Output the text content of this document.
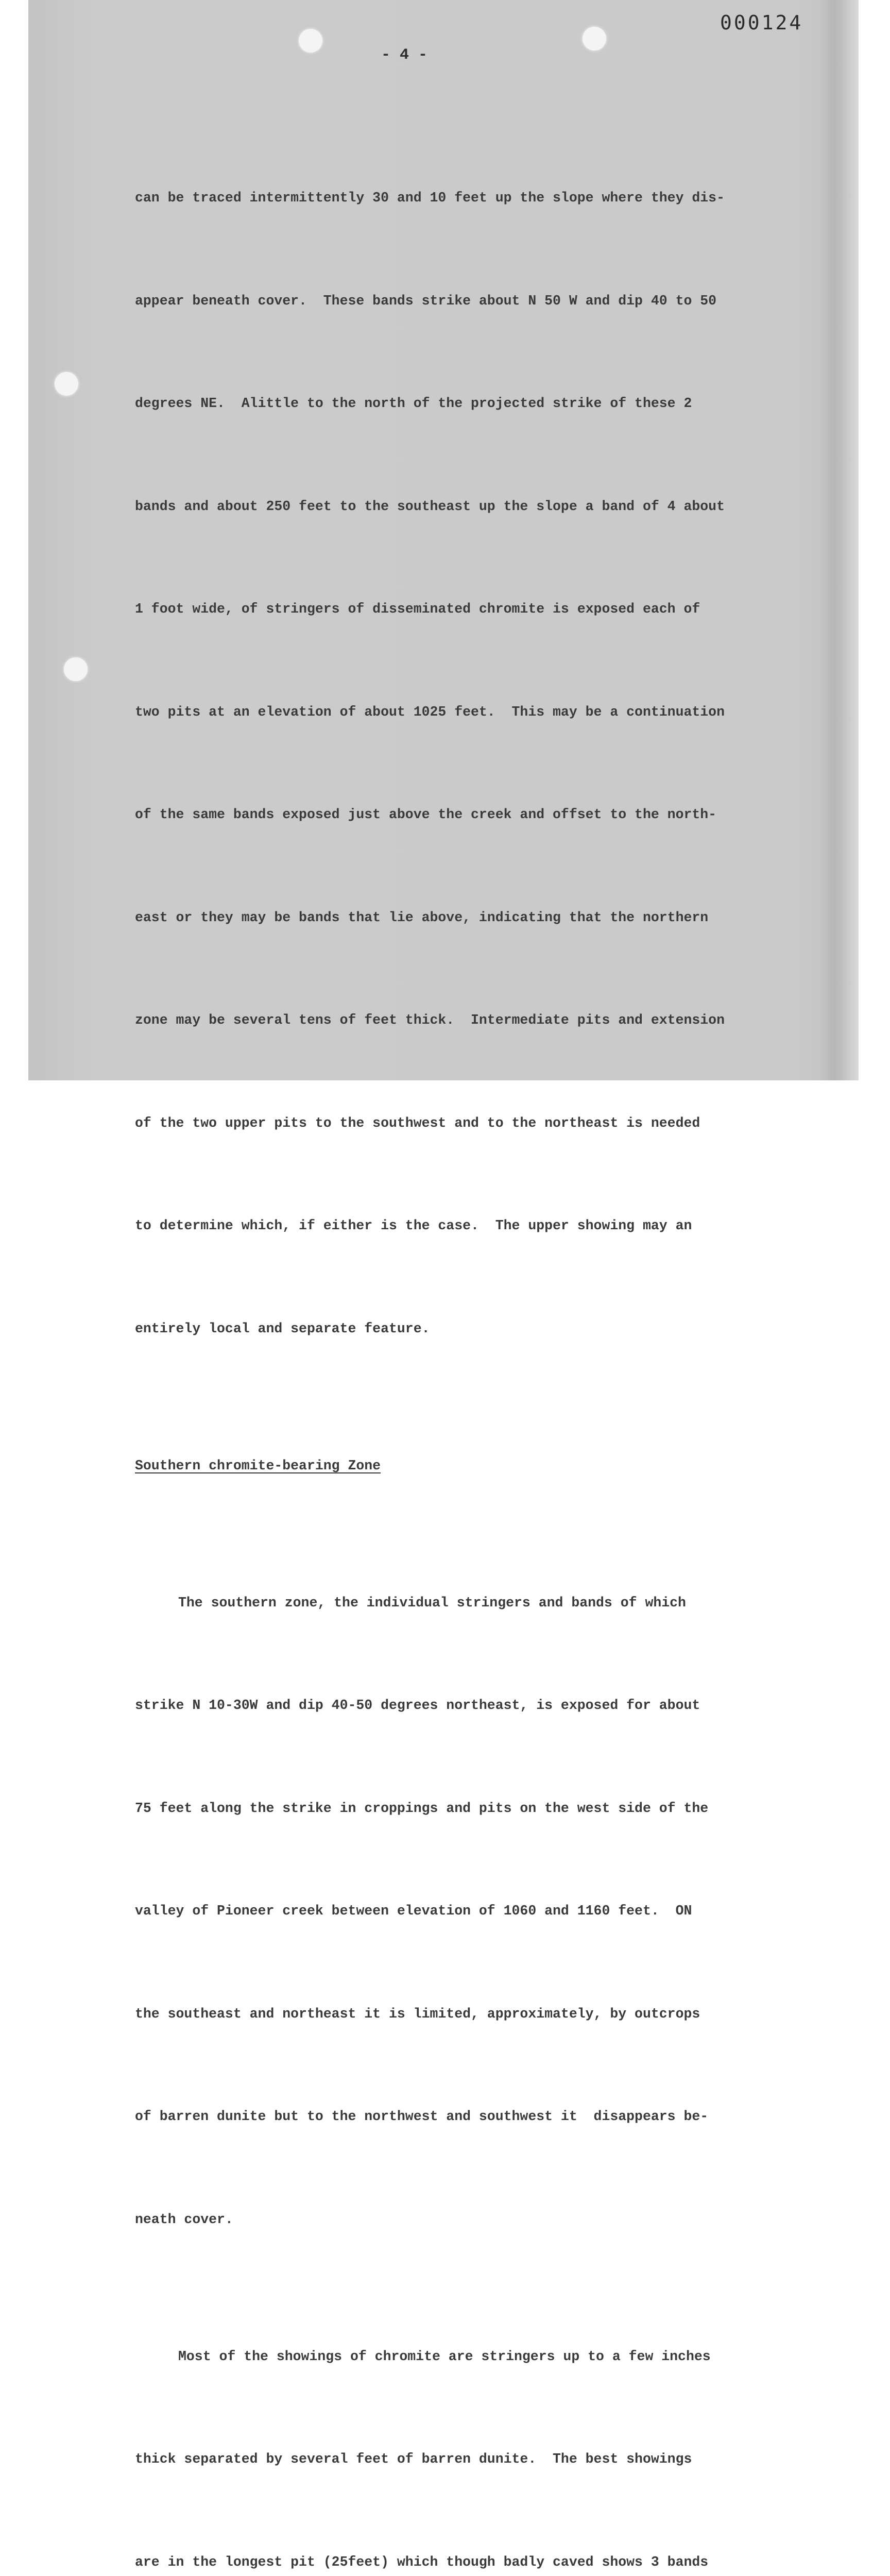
000124
- 4 -

can be traced intermittently 30 and 10 feet up the slope where they dis-

appear beneath cover.  These bands strike about N 50 W and dip 40 to 50

degrees NE.  Alittle to the north of the projected strike of these 2

bands and about 250 feet to the southeast up the slope a band of 4 about

1 foot wide, of stringers of disseminated chromite is exposed each of

two pits at an elevation of about 1025 feet.  This may be a continuation

of the same bands exposed just above the creek and offset to the north-

east or they may be bands that lie above, indicating that the northern

zone may be several tens of feet thick.  Intermediate pits and extension

of the two upper pits to the southwest and to the northeast is needed

to determine which, if either is the case.  The upper showing may an

entirely local and separate feature.

Southern chromite-bearing Zone

The southern zone, the individual stringers and bands of which

strike N 10-30W and dip 40-50 degrees northeast, is exposed for about

75 feet along the strike in croppings and pits on the west side of the

valley of Pioneer creek between elevation of 1060 and 1160 feet.  ON

the southeast and northeast it is limited, approximately, by outcrops

of barren dunite but to the northwest and southwest it  disappears be-

neath cover.

Most of the showings of chromite are stringers up to a few inches

thick separated by several feet of barren dunite.  The best showings

are in the longest pit (25feet) which though badly caved shows 3 bands
